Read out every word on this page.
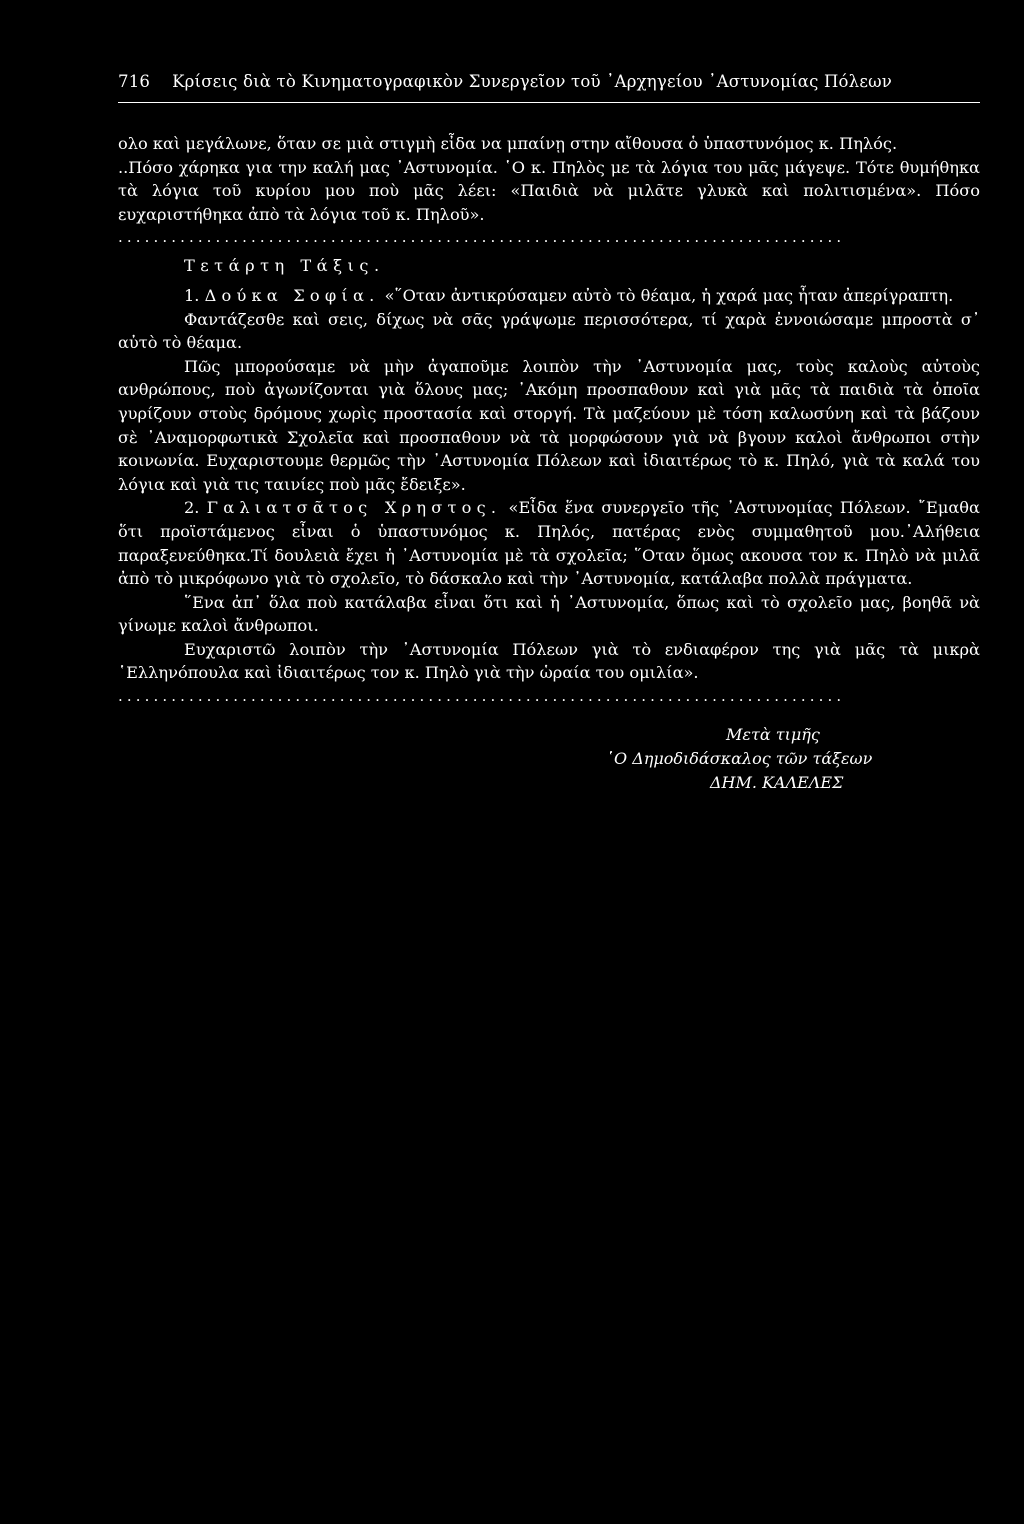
716 Κρίσεις διὰ τὸ Κινηματογραφικὸν Συνεργεῖον τοῦ ᾿Αρχηγείου ᾿Αστυνομίας Πόλεων

ολο καὶ μεγάλωνε, ὅταν σε μιὰ στιγμὴ εἶδα να μπαίνῃ στην αἴθουσα ὁ ὑπαστυνόμος κ. Πηλός.

..Πόσο χάρηκα για την καλή μας ᾿Αστυνομία. ῾Ο κ. Πηλὸς με τὰ λόγια του μᾶς μάγεψε. Τότε θυμήθηκα τὰ λόγια τοῦ κυρίου μου ποὺ μᾶς λέει: «Παιδιὰ νὰ μιλᾶτε γλυκὰ καὶ πολιτισμένα». Πόσο ευχαριστήθηκα ἀπὸ τὰ λόγια τοῦ κ. Πηλοῦ».

..................................................................................

Τετάρτη Τάξις.

1. Δούκα Σοφία. «῞Οταν ἀντικρύσαμεν αὐτὸ τὸ θέαμα, ἡ χαρά μας ἦταν ἀπερίγραπτη.

Φαντάζεσθε καὶ σεις, δίχως νὰ σᾶς γράψωμε περισσότερα, τί χαρὰ ἐννοιώσαμε μπροστὰ σ᾿ αὐτὸ τὸ θέαμα.

Πῶς μπορούσαμε νὰ μὴν ἀγαποῦμε λοιπὸν τὴν ᾿Αστυνομία μας, τοὺς καλοὺς αὐτοὺς ανθρώπους, ποὺ ἀγωνίζονται γιὰ ὅλους μας; ᾿Ακόμη προσπαθουν καὶ γιὰ μᾶς τὰ παιδιὰ τὰ ὁποῖα γυρίζουν στοὺς δρόμους χωρὶς προστασία καὶ στοργή. Τὰ μαζεύουν μὲ τόση καλωσύνη καὶ τὰ βάζουν σὲ ᾿Αναμορφωτικὰ Σχολεῖα καὶ προσπαθουν νὰ τὰ μορφώσουν γιὰ νὰ βγουν καλοὶ ἄνθρωποι στὴν κοινωνία. Ευχαριστουμε θερμῶς τὴν ᾿Αστυνομία Πόλεων καὶ ἰδιαιτέρως τὸ κ. Πηλό, γιὰ τὰ καλά του λόγια καὶ γιὰ τις ταινίες ποὺ μᾶς ἔδειξε».

2. Γαλιατσᾶτος Χρηστος. «Εἶδα ἕνα συνεργεῖο τῆς ᾿Αστυνομίας Πόλεων. ῎Εμαθα ὅτι προϊστάμενος εἶναι ὁ ὑπαστυνόμος κ. Πηλός, πατέρας ενὸς συμμαθητοῦ μου.᾿Αλήθεια παραξενεύθηκα.Τί δουλειὰ ἔχει ἡ ᾿Αστυνομία μὲ τὰ σχολεῖα; ῞Οταν ὅμως ακουσα τον κ. Πηλὸ νὰ μιλᾶ ἀπὸ τὸ μικρόφωνο γιὰ τὸ σχολεῖο, τὸ δάσκαλο καὶ τὴν ᾿Αστυνομία, κατάλαβα πολλὰ πράγματα.

῞Ενα ἀπ᾿ ὅλα ποὺ κατάλαβα εἶναι ὅτι καὶ ἡ ᾿Αστυνομία, ὅπως καὶ τὸ σχολεῖο μας, βοηθᾶ νὰ γίνωμε καλοὶ ἄνθρωποι.

Ευχαριστῶ λοιπὸν τὴν ᾿Αστυνομία Πόλεων γιὰ τὸ ενδιαφέρον της γιὰ μᾶς τὰ μικρὰ ῾Ελληνόπουλα καὶ ἰδιαιτέρως τον κ. Πηλὸ γιὰ τὴν ὡραία του ομιλία».

..................................................................................
Μετὰ τιμῆς
῾Ο Δημοδιδάσκαλος τῶν τάξεων
ΔΗΜ. ΚΑΛΕΛΕΣ
